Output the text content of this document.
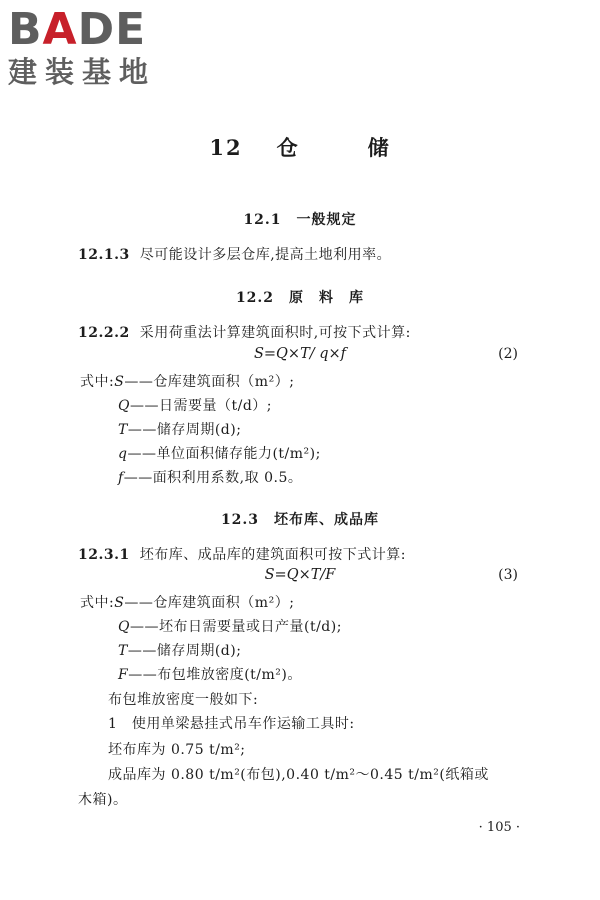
BADE
建装基地
12 仓	储
12.1　 一般规定
12.1.3 尽可能设计多层仓库,提高土地利用率。
12.2　 原　料　库
12.2.2 采用荷重法计算建筑面积时,可按下式计算:
S=Q×T/ q×f	(2)
式中:S——仓库建筑面积（m²）;
Q——日需要量（t/d）;
T——储存周期(d);
q——单位面积储存能力(t/m²);
f——面积利用系数,取 0.5。
12.3　 坯布库、成品库
12.3.1 坯布库、成品库的建筑面积可按下式计算:
S=Q×T/F	(3)
式中:S——仓库建筑面积（m²）;
Q——坯布日需要量或日产量(t/d);
T——储存周期(d);
F——布包堆放密度(t/m²)。
布包堆放密度一般如下:
1　使用单梁悬挂式吊车作运输工具时:
坯布库为 0.75 t/m²;
成品库为 0.80 t/m²(布包),0.40 t/m²～0.45 t/m²(纸箱或
木箱)。
· 105 ·
